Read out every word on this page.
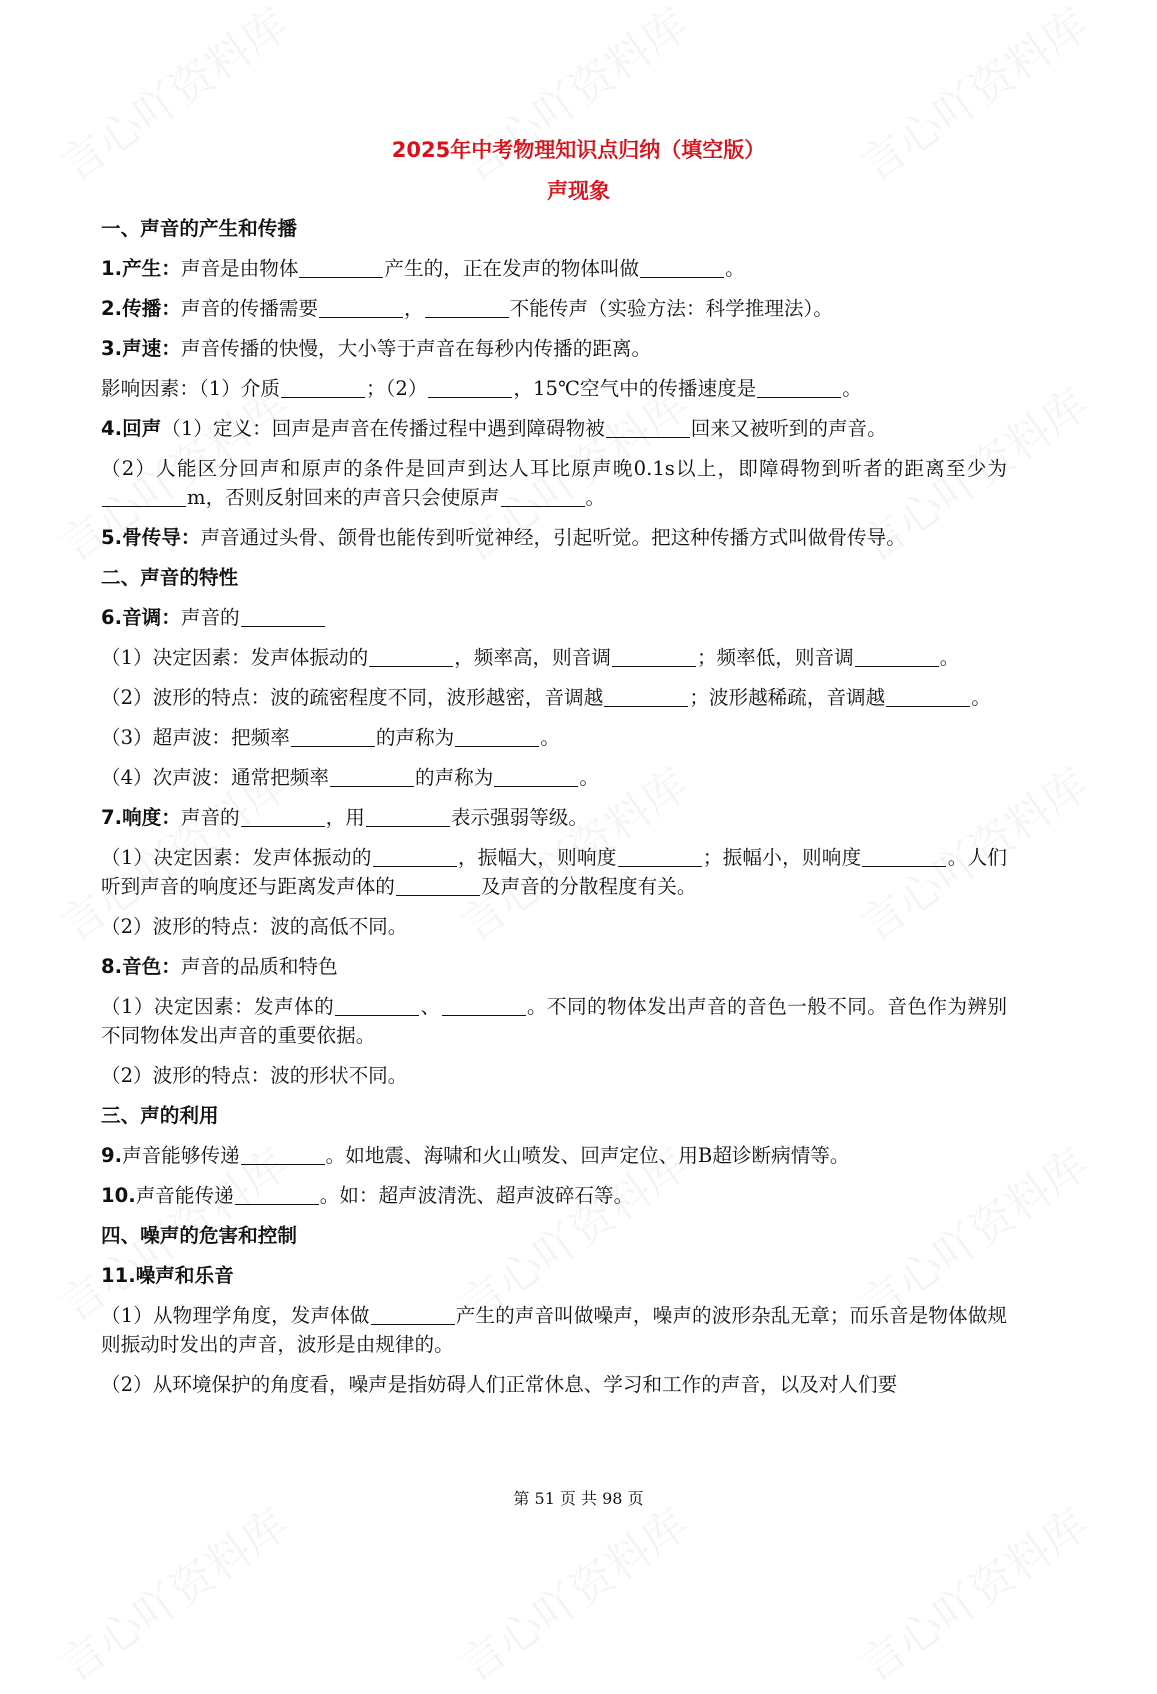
2025年中考物理知识点归纳（填空版）
声现象

一、声音的产生和传播

1.产生：声音是由物体	产生的，正在发声的物体叫做	。

2.传播：声音的传播需要	，	不能传声（实验方法：科学推理法）。

3.声速：声音传播的快慢，大小等于声音在每秒内传播的距离。

影响因素：（1）介质	；（2）	，15℃空气中的传播速度是	。

4.回声（1）定义：回声是声音在传播过程中遇到障碍物被	回来又被听到的声音。

（2）人能区分回声和原声的条件是回声到达人耳比原声晚0.1s以上，即障碍物到听者的距离至少为m，否则反射回来的声音只会使原声	。

5.骨传导：声音通过头骨、颌骨也能传到听觉神经，引起听觉。把这种传播方式叫做骨传导。

二、声音的特性

6.音调：声音的

（1）决定因素：发声体振动的	，频率高，则音调	；频率低，则音调	。

（2）波形的特点：波的疏密程度不同，波形越密，音调越	；波形越稀疏，音调越	。

（3）超声波：把频率	的声称为	。

（4）次声波：通常把频率	的声称为	。

7.响度：声音的	，用	表示强弱等级。

（1）决定因素：发声体振动的	，振幅大，则响度	；振幅小，则响度	。人们听到声音的响度还与距离发声体的	及声音的分散程度有关。

（2）波形的特点：波的高低不同。

8.音色：声音的品质和特色

（1）决定因素：发声体的	、	。不同的物体发出声音的音色一般不同。音色作为辨别不同物体发出声音的重要依据。

（2）波形的特点：波的形状不同。

三、声的利用

9.声音能够传递	。如地震、海啸和火山喷发、回声定位、用B超诊断病情等。

10.声音能传递	。如：超声波清洗、超声波碎石等。

四、噪声的危害和控制

11.噪声和乐音

（1）从物理学角度，发声体做	产生的声音叫做噪声，噪声的波形杂乱无章；而乐音是物体做规则振动时发出的声音，波形是由规律的。

（2）从环境保护的角度看，噪声是指妨碍人们正常休息、学习和工作的声音，以及对人们要

第 51 页 共 98 页
